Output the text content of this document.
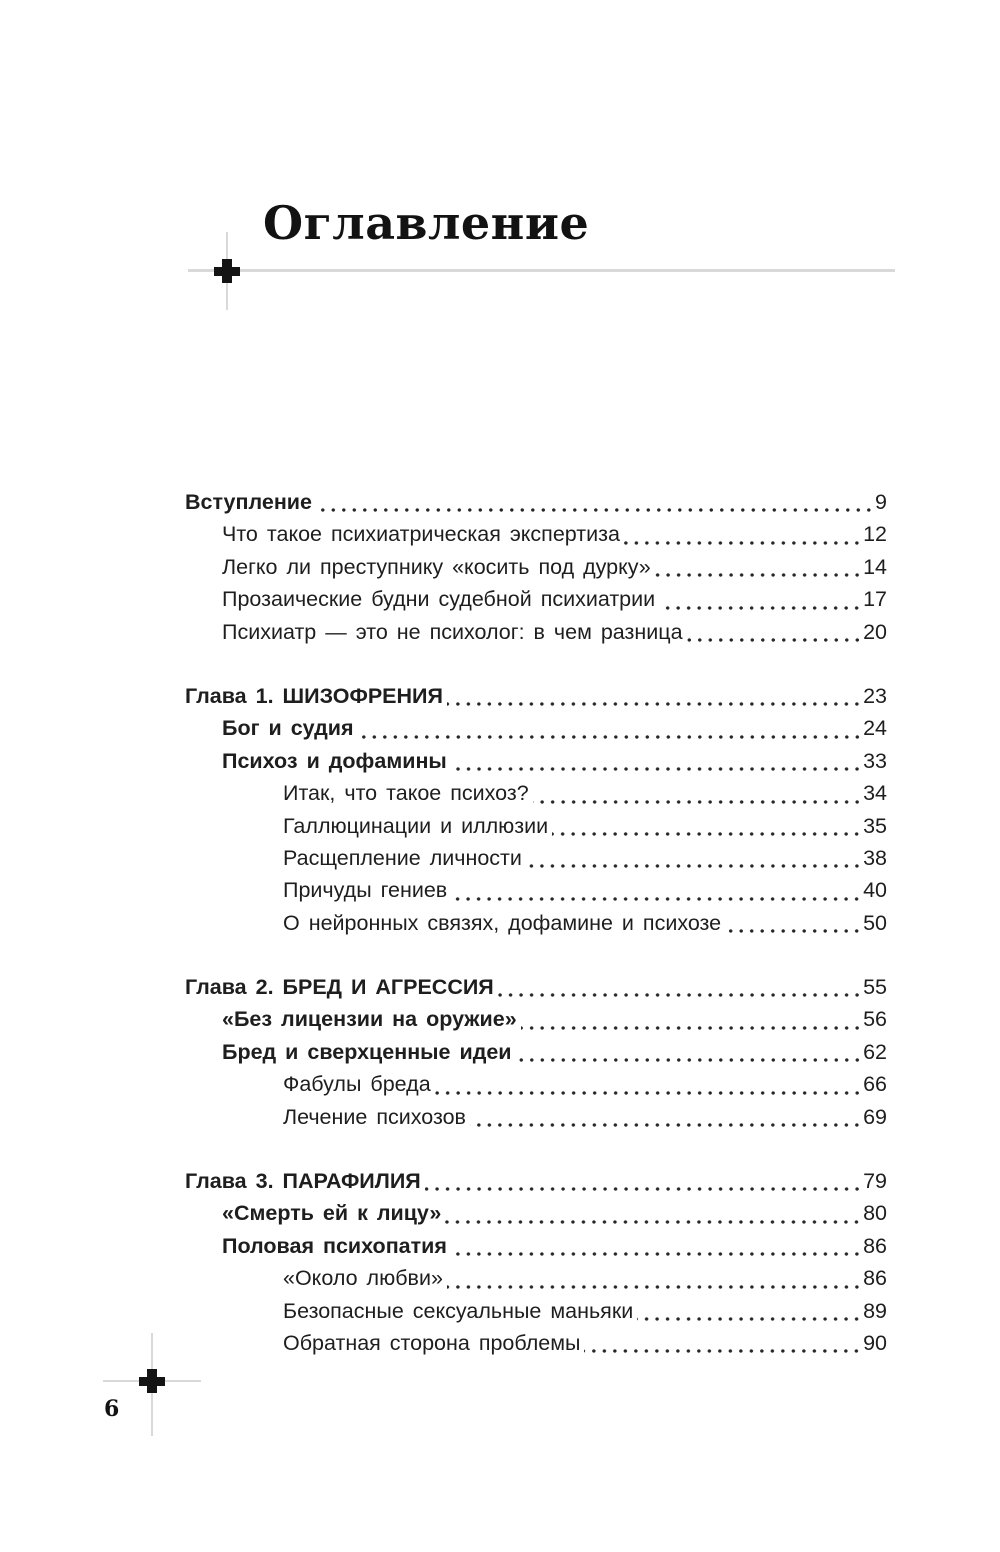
Оглавление
Вступление	9
Что такое психиатрическая экспертиза	12
Легко ли преступнику «косить под дурку»	14
Прозаические будни судебной психиатрии	17
Психиатр — это не психолог: в чем разница	20
Глава 1. ШИЗОФРЕНИЯ	23
Бог и судия	24
Психоз и дофамины	33
Итак, что такое психоз?	34
Галлюцинации и иллюзии	35
Расщепление личности	38
Причуды гениев	40
О нейронных связях, дофамине и психозе	50
Глава 2. БРЕД И АГРЕССИЯ	55
«Без лицензии на оружие»	56
Бред и сверхценные идеи	62
Фабулы бреда	66
Лечение психозов	69
Глава 3. ПАРАФИЛИЯ	79
«Смерть ей к лицу»	80
Половая психопатия	86
«Около любви»	86
Безопасные сексуальные маньяки	89
Обратная сторона проблемы	90
6
